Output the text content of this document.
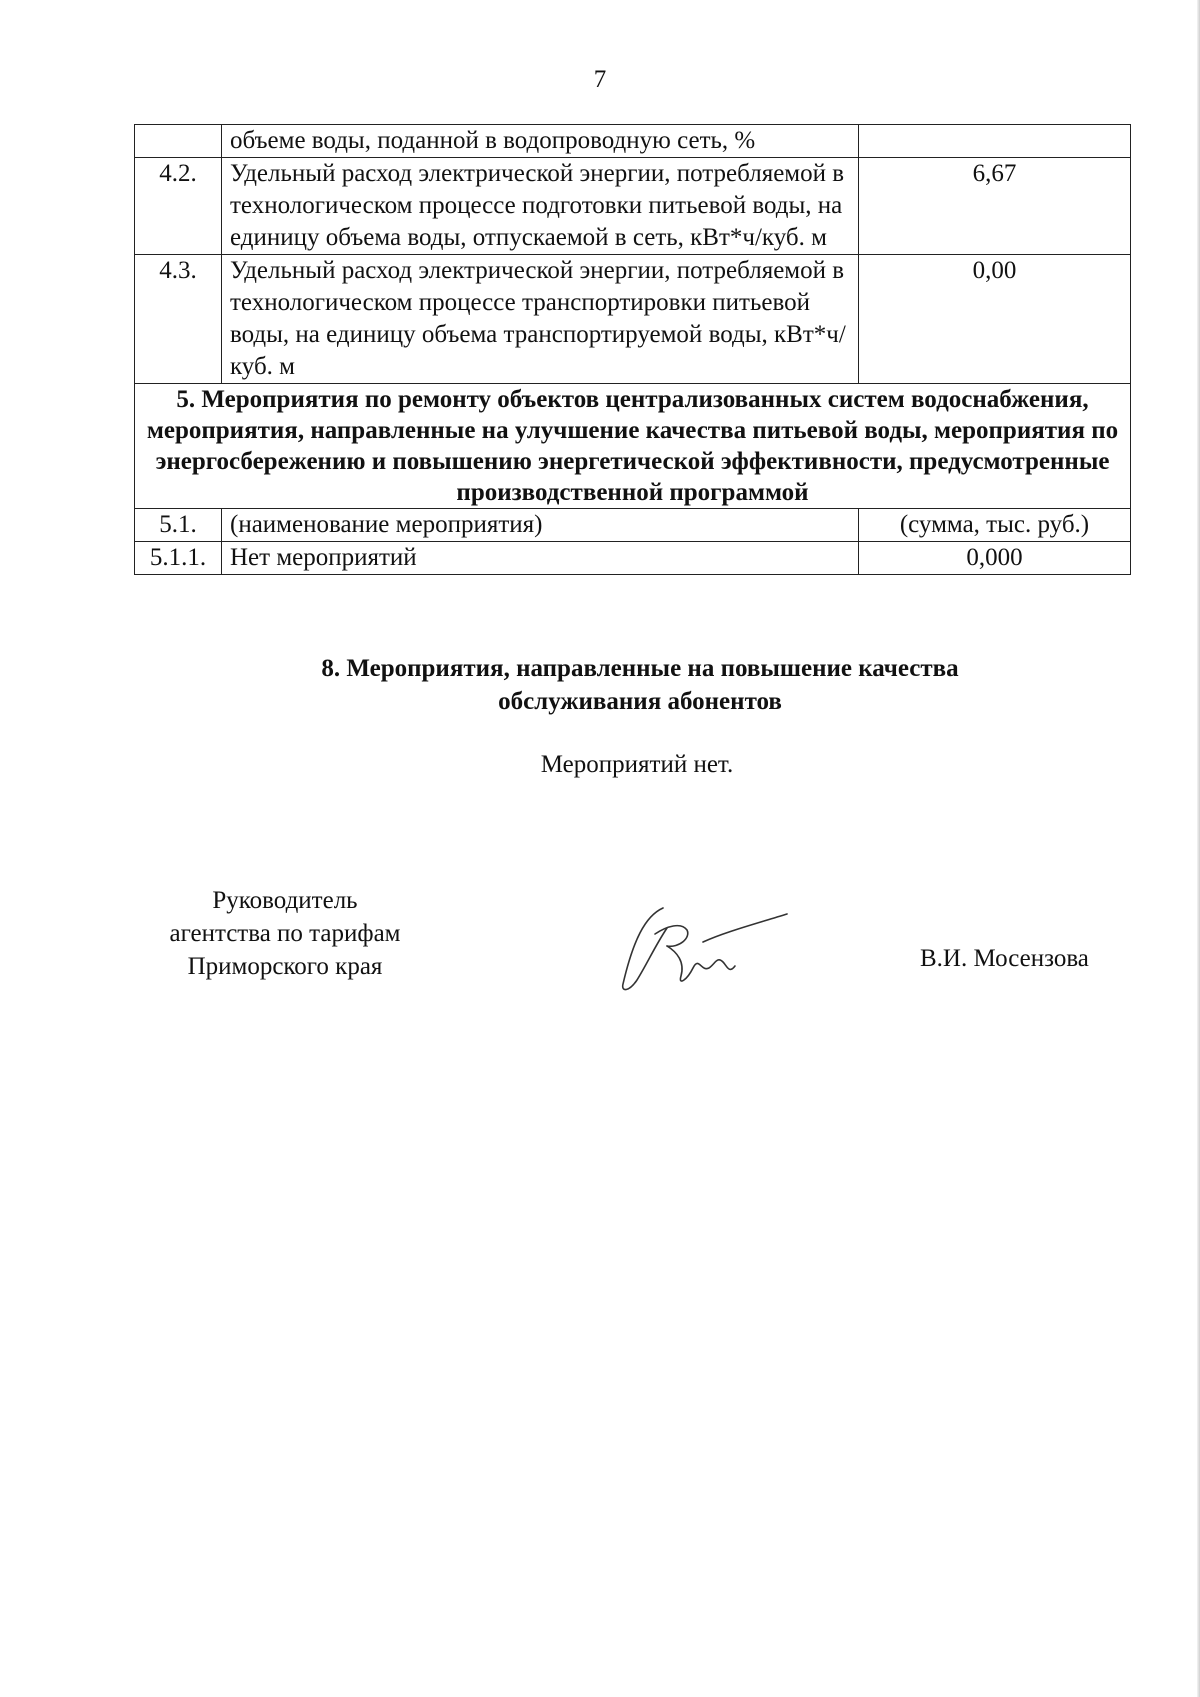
7
	объеме воды, поданной в водопроводную сеть, %	
4.2.	Удельный расход электрической энергии, потребляемой в технологическом процессе подготовки питьевой воды, на единицу объема воды, отпускаемой в сеть, кВт*ч/куб. м	6,67
4.3.	Удельный расход электрической энергии, потребляемой в технологическом процессе транспортировки питьевой воды, на единицу объема транспортируемой воды, кВт*ч/куб. м	0,00
5. Мероприятия по ремонту объектов централизованных систем водоснабжения, мероприятия, направленные на улучшение качества питьевой воды, мероприятия по энергосбережению и повышению энергетической эффективности, предусмотренные производственной программой		
5.1.	(наименование мероприятия)	(сумма, тыс. руб.)
5.1.1.	Нет мероприятий	0,000
8. Мероприятия, направленные на повышение качества
обслуживания абонентов
Мероприятий нет.
Руководитель
агентства по тарифам
Приморского края	В.И. Мосензова
